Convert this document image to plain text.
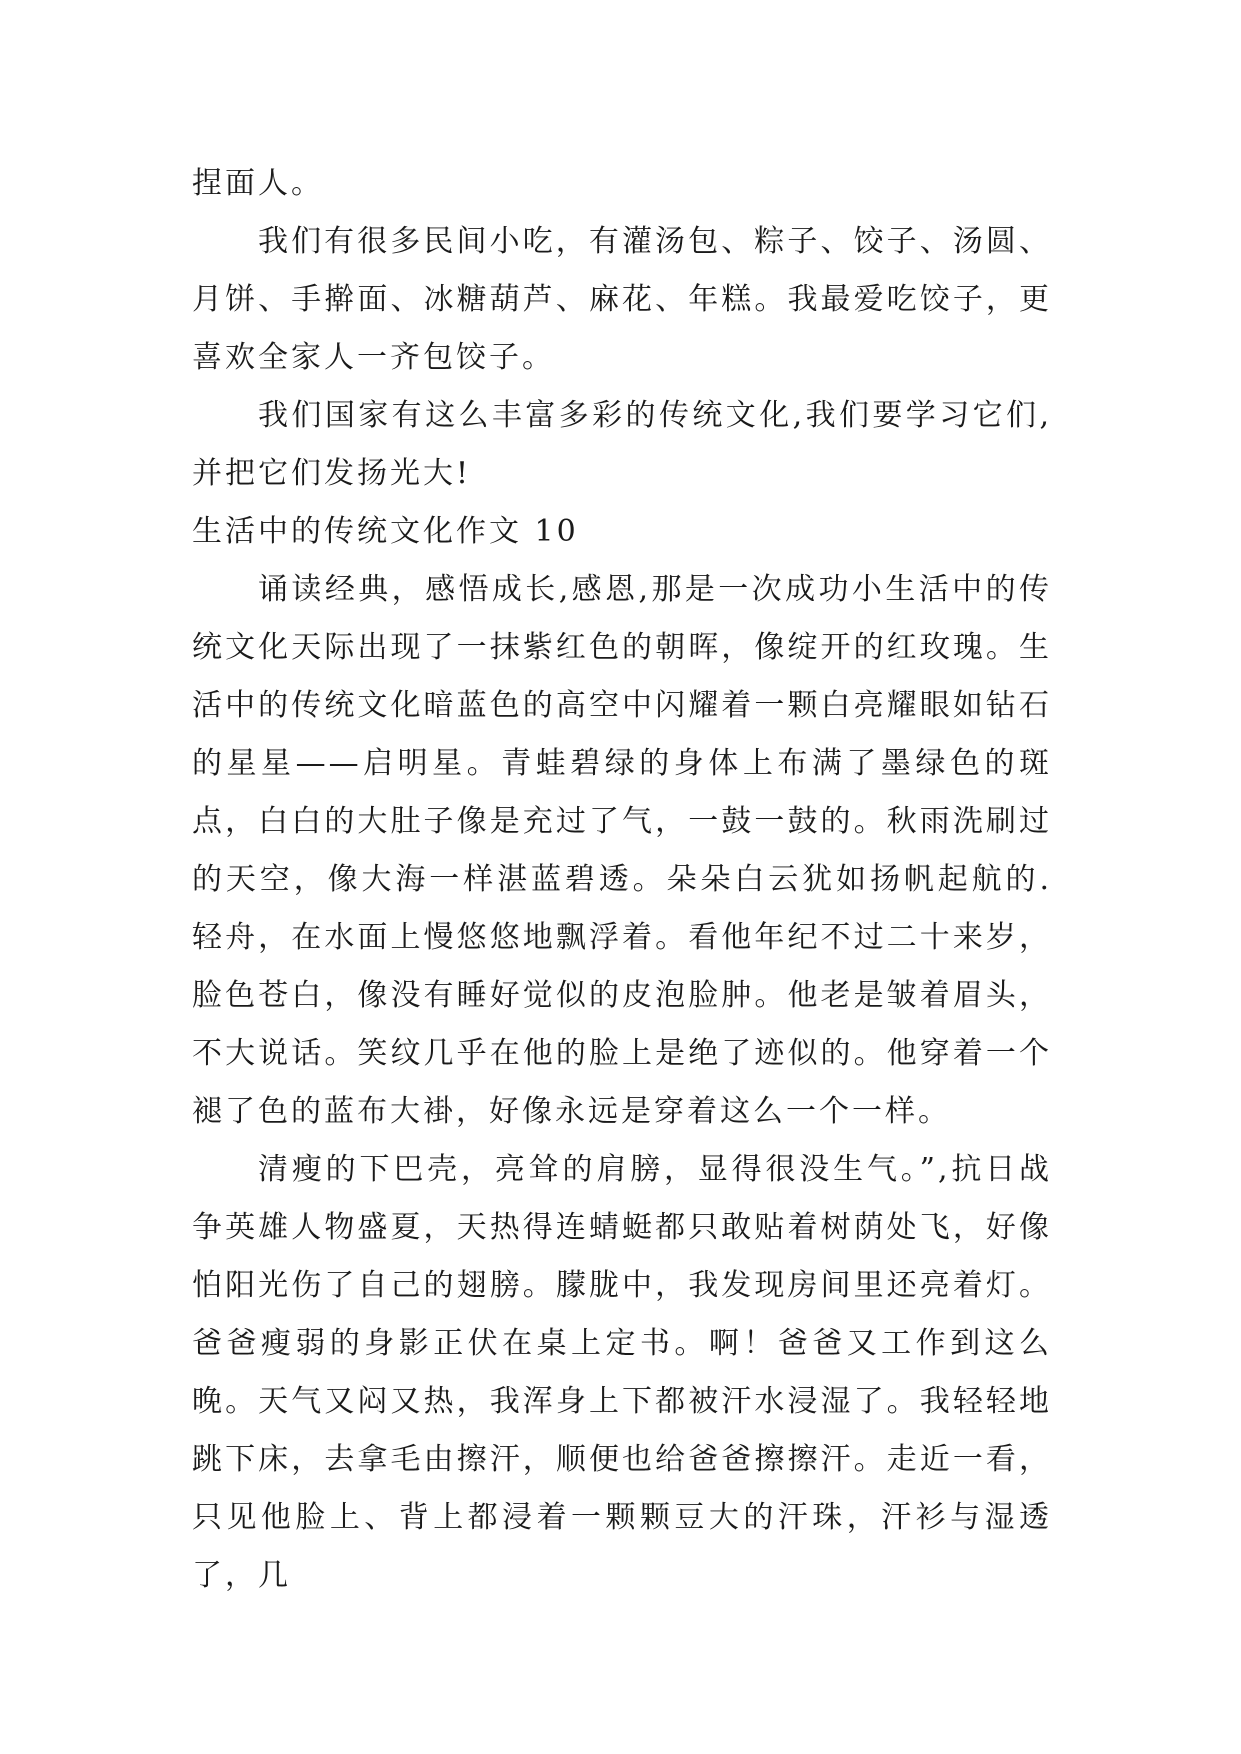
捏面人。

我们有很多民间小吃，有灌汤包、粽子、饺子、汤圆、月饼、手擀面、冰糖葫芦、麻花、年糕。我最爱吃饺子，更喜欢全家人一齐包饺子。

我们国家有这么丰富多彩的传统文化,我们要学习它们,并把它们发扬光大!

生活中的传统文化作文 10

诵读经典，感悟成长,感恩,那是一次成功小生活中的传统文化天际出现了一抹紫红色的朝晖，像绽开的红玫瑰。生活中的传统文化暗蓝色的高空中闪耀着一颗白亮耀眼如钻石的星星——启明星。青蛙碧绿的身体上布满了墨绿色的斑点，白白的大肚子像是充过了气，一鼓一鼓的。秋雨洗刷过的天空，像大海一样湛蓝碧透。朵朵白云犹如扬帆起航的.轻舟，在水面上慢悠悠地飘浮着。看他年纪不过二十来岁，脸色苍白，像没有睡好觉似的皮泡脸肿。他老是皱着眉头，不大说话。笑纹几乎在他的脸上是绝了迹似的。他穿着一个褪了色的蓝布大褂，好像永远是穿着这么一个一样。

清瘦的下巴壳，亮耸的肩膀，显得很没生气。”,抗日战争英雄人物盛夏，天热得连蜻蜓都只敢贴着树荫处飞，好像怕阳光伤了自己的翅膀。朦胧中，我发现房间里还亮着灯。爸爸瘦弱的身影正伏在桌上定书。啊！爸爸又工作到这么晚。天气又闷又热，我浑身上下都被汗水浸湿了。我轻轻地跳下床，去拿毛由擦汗，顺便也给爸爸擦擦汗。走近一看，只见他脸上、背上都浸着一颗颗豆大的汗珠，汗衫与湿透了，几
